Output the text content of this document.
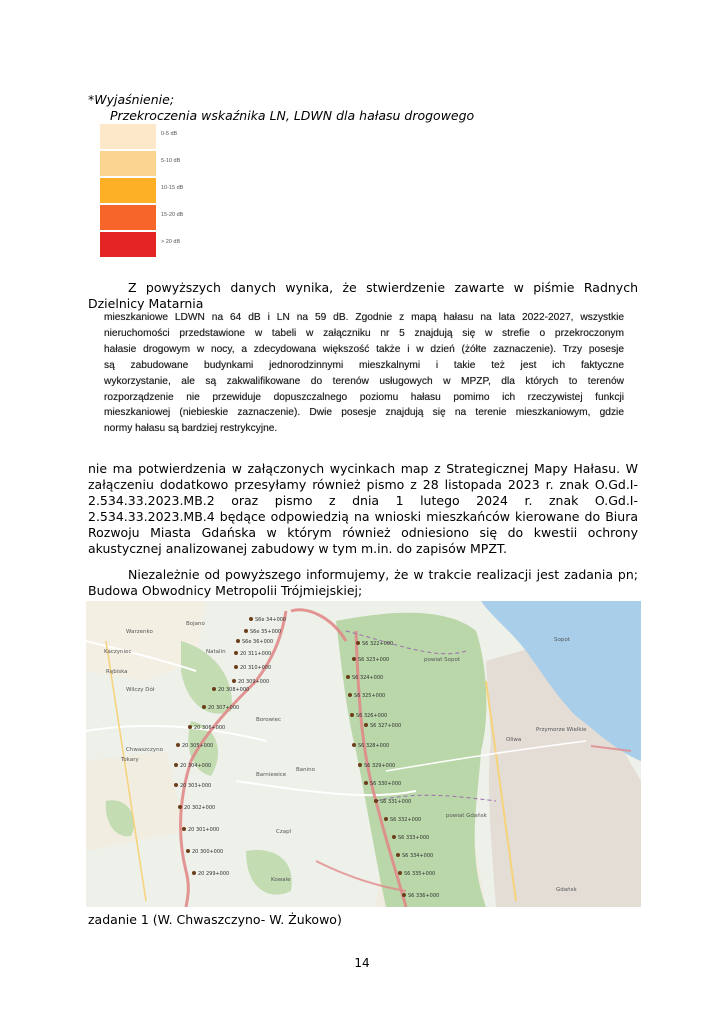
*Wyjaśnienie;
Przekroczenia wskaźnika LN, LDWN dla hałasu drogowego
0-5 dB
5-10 dB
10-15 dB
15-20 dB
> 20 dB
Z powyższych danych wynika, że stwierdzenie zawarte w piśmie Radnych Dzielnicy Matarnia
mieszkaniowe LDWN na 64 dB i LN na 59 dB. Zgodnie z mapą hałasu na lata 2022-2027, wszystkie
nieruchomości przedstawione w tabeli w załączniku nr 5 znajdują się w strefie o przekroczonym
hałasie drogowym w nocy, a zdecydowana większość także i w dzień (żółte zaznaczenie). Trzy posesje
są zabudowane budynkami jednorodzinnymi mieszkalnymi i takie też jest ich faktyczne
wykorzystanie, ale są zakwalifikowane do terenów usługowych w MPZP, dla których to terenów
rozporządzenie nie przewiduje dopuszczalnego poziomu hałasu pomimo ich rzeczywistej funkcji
mieszkaniowej (niebieskie zaznaczenie). Dwie posesje znajdują się na terenie mieszkaniowym, gdzie
normy hałasu są bardziej restrykcyjne.
nie ma potwierdzenia w załączonych wycinkach map z Strategicznej Mapy Hałasu. W załączeniu dodatkowo przesyłamy również pismo z 28 listopada 2023 r. znak O.Gd.I-2.534.33.2023.MB.2 oraz pismo z dnia 1 lutego 2024 r. znak O.Gd.I-2.534.33.2023.MB.4 będące odpowiedzią na wnioski mieszkańców kierowane do Biura Rozwoju Miasta Gdańska w którym również odniesiono się do kwestii ochrony akustycznej analizowanej zabudowy w tym m.in. do zapisów MPZT.
Niezależnie od powyższego informujemy, że w trakcie realizacji jest zadania pn; Budowa Obwodnicy Metropolii Trójmiejskiej;
S6e 34+000
S6e 35+000
S6e 36+000
20 311+000
20 310+000
20 309+000
20 308+000
20 307+000
20 306+000
20 305+000
20 304+000
20 303+000
20 302+000
20 301+000
20 300+000
20 299+000
S6 322+000
S6 323+000
S6 324+000
S6 325+000
S6 326+000
S6 327+000
S6 328+000
S6 329+000
S6 330+000
S6 331+000
S6 332+000
S6 333+000
S6 334+000
S6 335+000
S6 336+000
Warzenko
Bojano
Kaczyniec
Rębiska
Wilczy Dół
Natalin
Chwaszczyno
Borowiec
Tokary
Banino
Barniewice
Czapl
Kowale
Sopot
Gdańsk
powiat Sopot
powiat Gdańsk
Przymorze Wielkie
Oliwa
zadanie 1 (W. Chwaszczyno- W. Żukowo)
14
